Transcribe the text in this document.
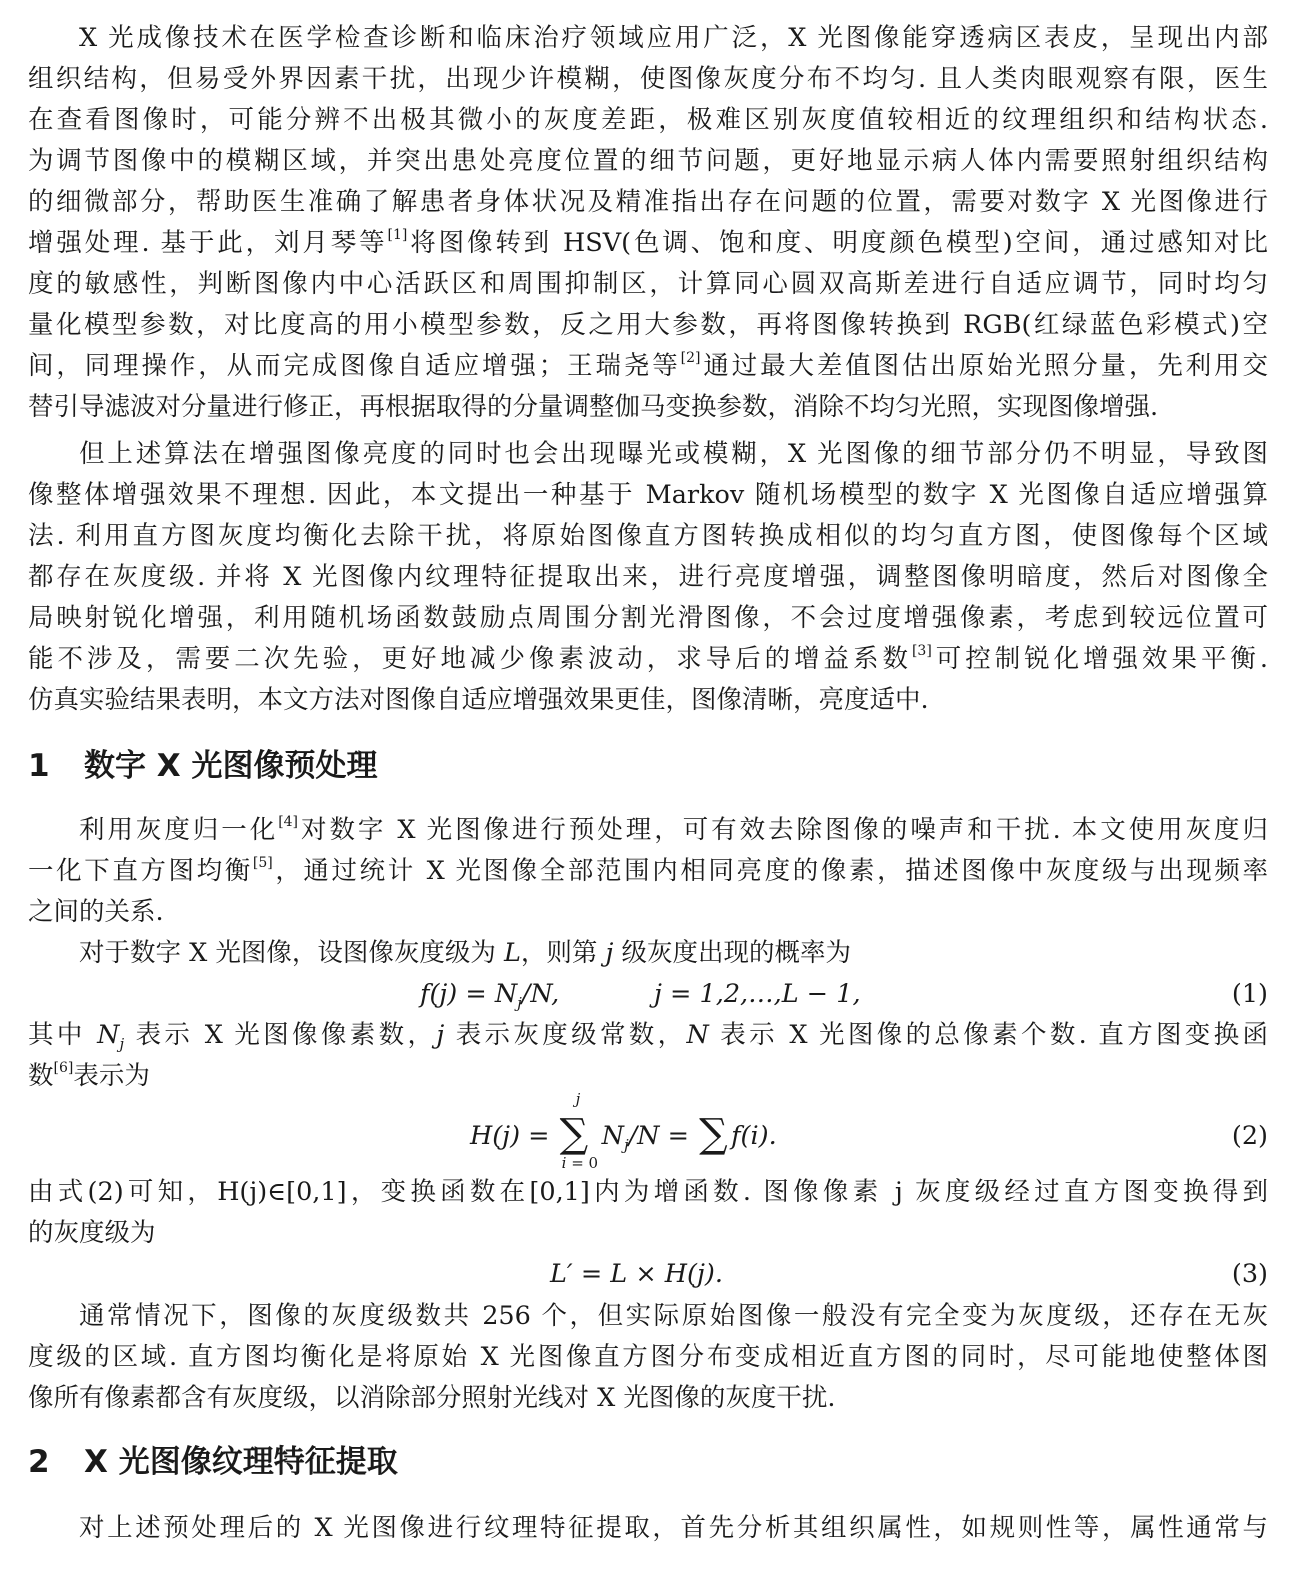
X 光成像技术在医学检查诊断和临床治疗领域应用广泛，X 光图像能穿透病区表皮，呈现出内部
组织结构，但易受外界因素干扰，出现少许模糊，使图像灰度分布不均匀. 且人类肉眼观察有限，医生
在查看图像时，可能分辨不出极其微小的灰度差距，极难区别灰度值较相近的纹理组织和结构状态.
为调节图像中的模糊区域，并突出患处亮度位置的细节问题，更好地显示病人体内需要照射组织结构
的细微部分，帮助医生准确了解患者身体状况及精准指出存在问题的位置，需要对数字 X 光图像进行
增强处理. 基于此，刘月琴等[1]将图像转到 HSV(色调、饱和度、明度颜色模型)空间，通过感知对比
度的敏感性，判断图像内中心活跃区和周围抑制区，计算同心圆双高斯差进行自适应调节，同时均匀
量化模型参数，对比度高的用小模型参数，反之用大参数，再将图像转换到 RGB(红绿蓝色彩模式)空
间，同理操作，从而完成图像自适应增强；王瑞尧等[2]通过最大差值图估出原始光照分量，先利用交
替引导滤波对分量进行修正，再根据取得的分量调整伽马变换参数，消除不均匀光照，实现图像增强.
但上述算法在增强图像亮度的同时也会出现曝光或模糊，X 光图像的细节部分仍不明显，导致图
像整体增强效果不理想. 因此，本文提出一种基于 Markov 随机场模型的数字 X 光图像自适应增强算
法. 利用直方图灰度均衡化去除干扰，将原始图像直方图转换成相似的均匀直方图，使图像每个区域
都存在灰度级. 并将 X 光图像内纹理特征提取出来，进行亮度增强，调整图像明暗度，然后对图像全
局映射锐化增强，利用随机场函数鼓励点周围分割光滑图像，不会过度增强像素，考虑到较远位置可
能不涉及，需要二次先验，更好地减少像素波动，求导后的增益系数[3]可控制锐化增强效果平衡.
仿真实验结果表明，本文方法对图像自适应增强效果更佳，图像清晰，亮度适中.
1 数字 X 光图像预处理
利用灰度归一化[4]对数字 X 光图像进行预处理，可有效去除图像的噪声和干扰. 本文使用灰度归
一化下直方图均衡[5]，通过统计 X 光图像全部范围内相同亮度的像素，描述图像中灰度级与出现频率
之间的关系.
对于数字 X 光图像，设图像灰度级为 L，则第 j 级灰度出现的概率为
$f(j) = N_j/N$,	j = 1,2,…,L − 1,	(1)
其中 $N_j$ 表示 X 光图像像素数，j 表示灰度级常数，N 表示 X 光图像的总像素个数. 直方图变换函
数[6]表示为
H(j) = ∑
j
i = 0
$N_j/N$ = ∑ f(i).	(2)
由式(2)可知，H(j)∈[0,1]，变换函数在[0,1]内为增函数. 图像像素 j 灰度级经过直方图变换得到
的灰度级为
L′ = L × H(j).	(3)
通常情况下，图像的灰度级数共 256 个，但实际原始图像一般没有完全变为灰度级，还存在无灰
度级的区域. 直方图均衡化是将原始 X 光图像直方图分布变成相近直方图的同时，尽可能地使整体图
像所有像素都含有灰度级，以消除部分照射光线对 X 光图像的灰度干扰.
2 X 光图像纹理特征提取
对上述预处理后的 X 光图像进行纹理特征提取，首先分析其组织属性，如规则性等，属性通常与
